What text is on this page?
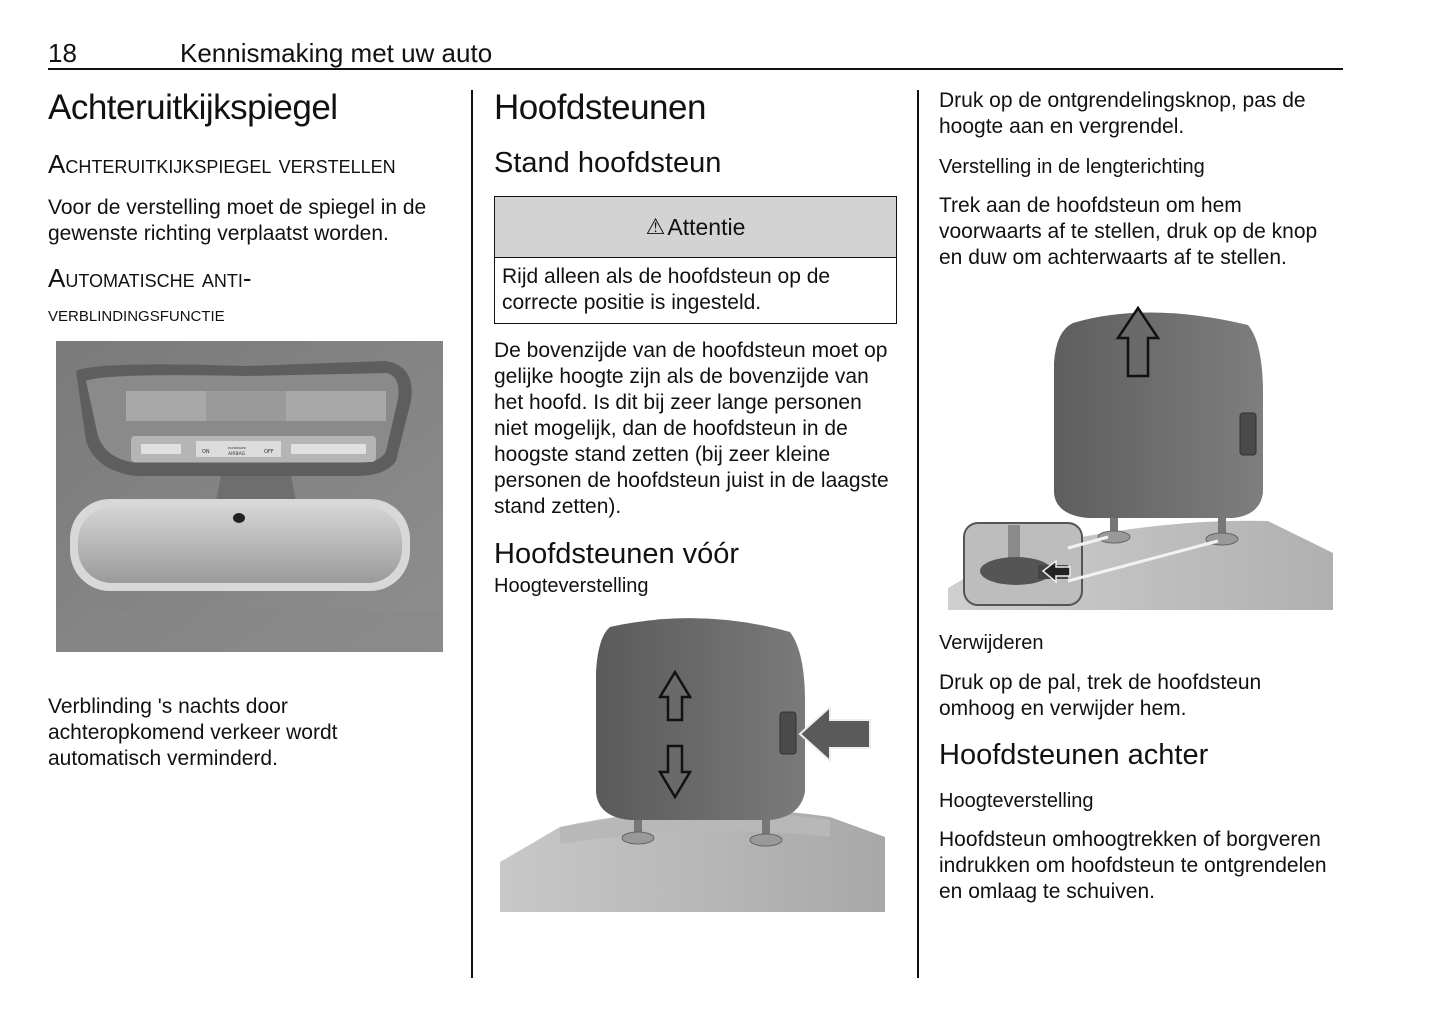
18	Kennismaking met uw auto
Achteruitkijkspiegel
Achteruitkijkspiegel verstellen
Voor de verstelling moet de spiegel in de gewenste richting verplaatst worden.
Automatische anti-
verblindingsfunctie
ON
PASSENGER
AIRBAG	OFF
Verblinding 's nachts door achteropkomend verkeer wordt automatisch verminderd.
Hoofdsteunen
Stand hoofdsteun
⚠ Attentie
Rijd alleen als de hoofdsteun op de correcte positie is ingesteld.
De bovenzijde van de hoofdsteun moet op gelijke hoogte zijn als de bovenzijde van het hoofd. Is dit bij zeer lange personen niet mogelijk, dan de hoofdsteun in de hoogste stand zetten (bij zeer kleine personen de hoofdsteun juist in de laagste stand zetten).
Hoofdsteunen vóór
Hoogteverstelling
Druk op de ontgrendelingsknop, pas de hoogte aan en vergrendel.
Verstelling in de lengterichting
Trek aan de hoofdsteun om hem voorwaarts af te stellen, druk op de knop en duw om achterwaarts af te stellen.
Verwijderen
Druk op de pal, trek de hoofdsteun omhoog en verwijder hem.
Hoofdsteunen achter
Hoogteverstelling
Hoofdsteun omhoogtrekken of borgveren indrukken om hoofdsteun te ontgrendelen en omlaag te schuiven.
